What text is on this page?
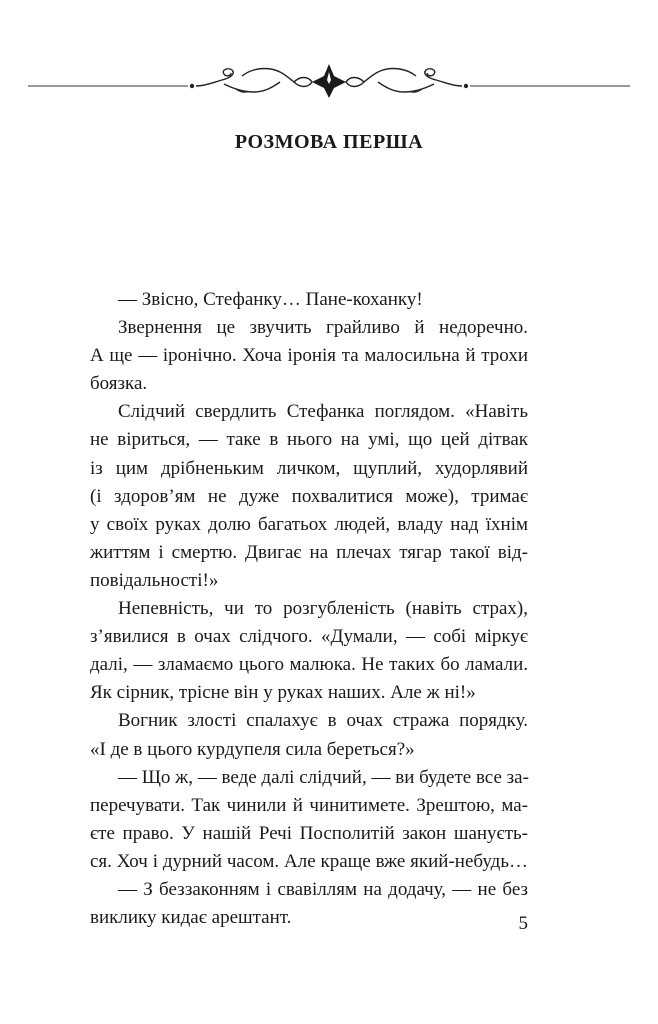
РОЗМОВА ПЕРША
— Звісно, Стефанку… Пане-коханку!
Звернення це звучить грайливо й недоречно.
А ще — іронічно. Хоча іронія та малосильна й трохи
боязка.
Слідчий свердлить Стефанка поглядом. «Навіть
не віриться, — таке в нього на умі, що цей дітвак
із цим дрібненьким личком, щуплий, худорлявий
(і здоров’ям не дуже похвалитися може), тримає
у своїх руках долю багатьох людей, владу над їхнім
життям і смертю. Двигає на плечах тягар такої від-
повідальності!»
Непевність, чи то розгубленість (навіть страх),
з’явилися в очах слідчого. «Думали, — собі міркує
далі, — зламаємо цього малюка. Не таких бо ламали.
Як сірник, трісне він у руках наших. Але ж ні!»
Вогник злості спалахує в очах стража порядку.
«І де в цього курдупеля сила береться?»
— Що ж, — веде далі слідчий, — ви будете все за-
перечувати. Так чинили й чинитимете. Зрештою, ма-
єте право. У нашій Речі Посполитій закон шануєть-
ся. Хоч і дурний часом. Але краще вже який-небудь…
— З беззаконням і свавіллям на додачу, — не без
виклику кидає арештант.	5
